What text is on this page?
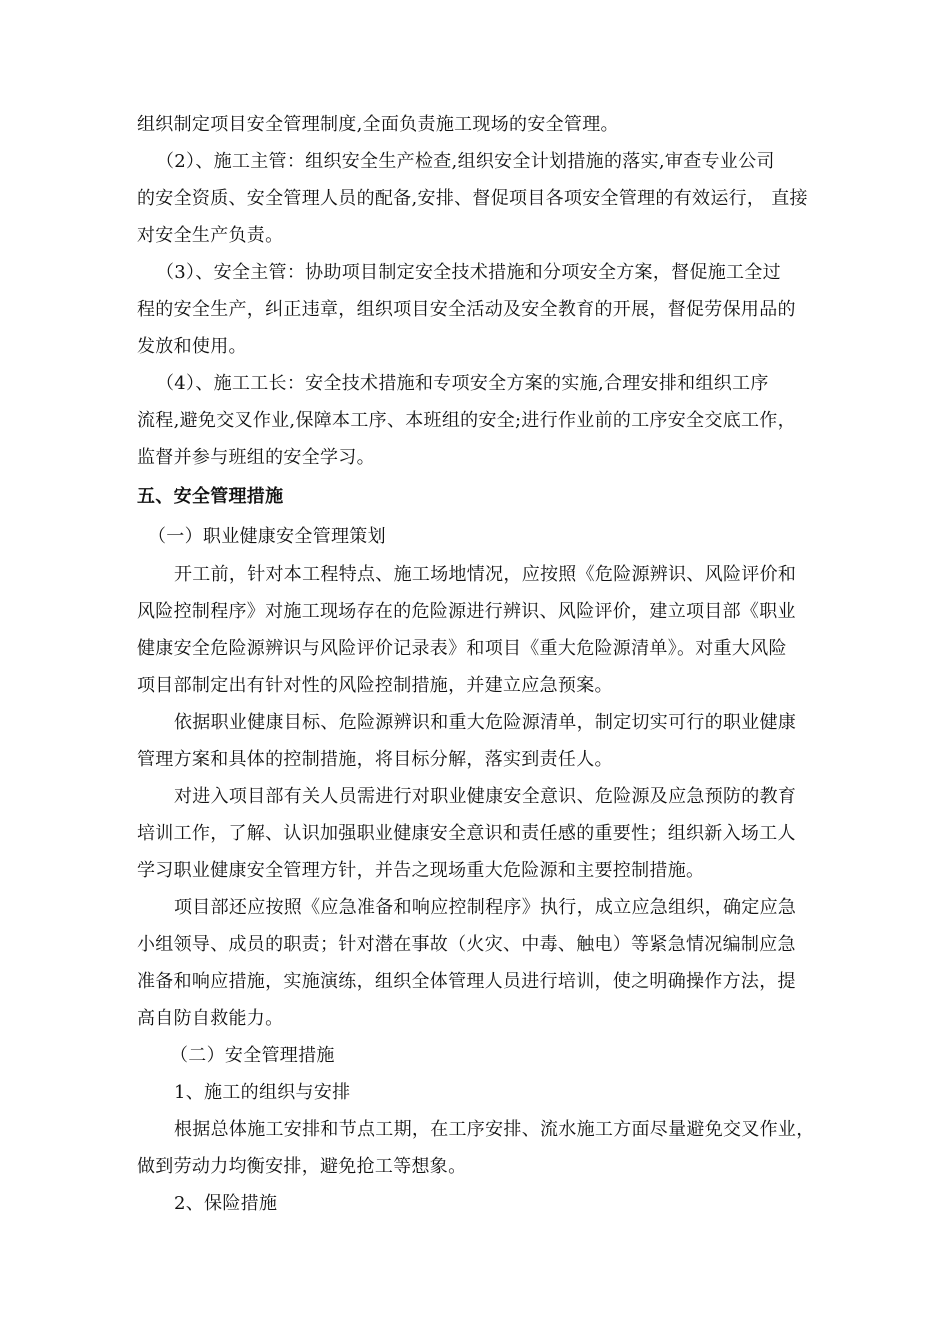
组织制定项目安全管理制度,全面负责施工现场的安全管理。
（2）、施工主管：组织安全生产检查,组织安全计划措施的落实,审查专业公司
的安全资质、安全管理人员的配备,安排、督促项目各项安全管理的有效运行， 直接
对安全生产负责。
（3）、安全主管：协助项目制定安全技术措施和分项安全方案，督促施工全过
程的安全生产，纠正违章，组织项目安全活动及安全教育的开展，督促劳保用品的
发放和使用。
（4）、施工工长：安全技术措施和专项安全方案的实施,合理安排和组织工序
流程,避免交叉作业,保障本工序、本班组的安全;进行作业前的工序安全交底工作，
监督并参与班组的安全学习。
五、安全管理措施
（一）职业健康安全管理策划
开工前，针对本工程特点、施工场地情况，应按照《危险源辨识、风险评价和
风险控制程序》对施工现场存在的危险源进行辨识、风险评价，建立项目部《职业
健康安全危险源辨识与风险评价记录表》和项目《重大危险源清单》。对重大风险
项目部制定出有针对性的风险控制措施，并建立应急预案。
依据职业健康目标、危险源辨识和重大危险源清单，制定切实可行的职业健康
管理方案和具体的控制措施，将目标分解，落实到责任人。
对进入项目部有关人员需进行对职业健康安全意识、危险源及应急预防的教育
培训工作，了解、认识加强职业健康安全意识和责任感的重要性；组织新入场工人
学习职业健康安全管理方针，并告之现场重大危险源和主要控制措施。
项目部还应按照《应急准备和响应控制程序》执行，成立应急组织，确定应急
小组领导、成员的职责；针对潜在事故（火灾、中毒、触电）等紧急情况编制应急
准备和响应措施，实施演练，组织全体管理人员进行培训，使之明确操作方法，提
高自防自救能力。
（二）安全管理措施
1、施工的组织与安排
根据总体施工安排和节点工期，在工序安排、流水施工方面尽量避免交叉作业，
做到劳动力均衡安排，避免抢工等想象。
2、保险措施
